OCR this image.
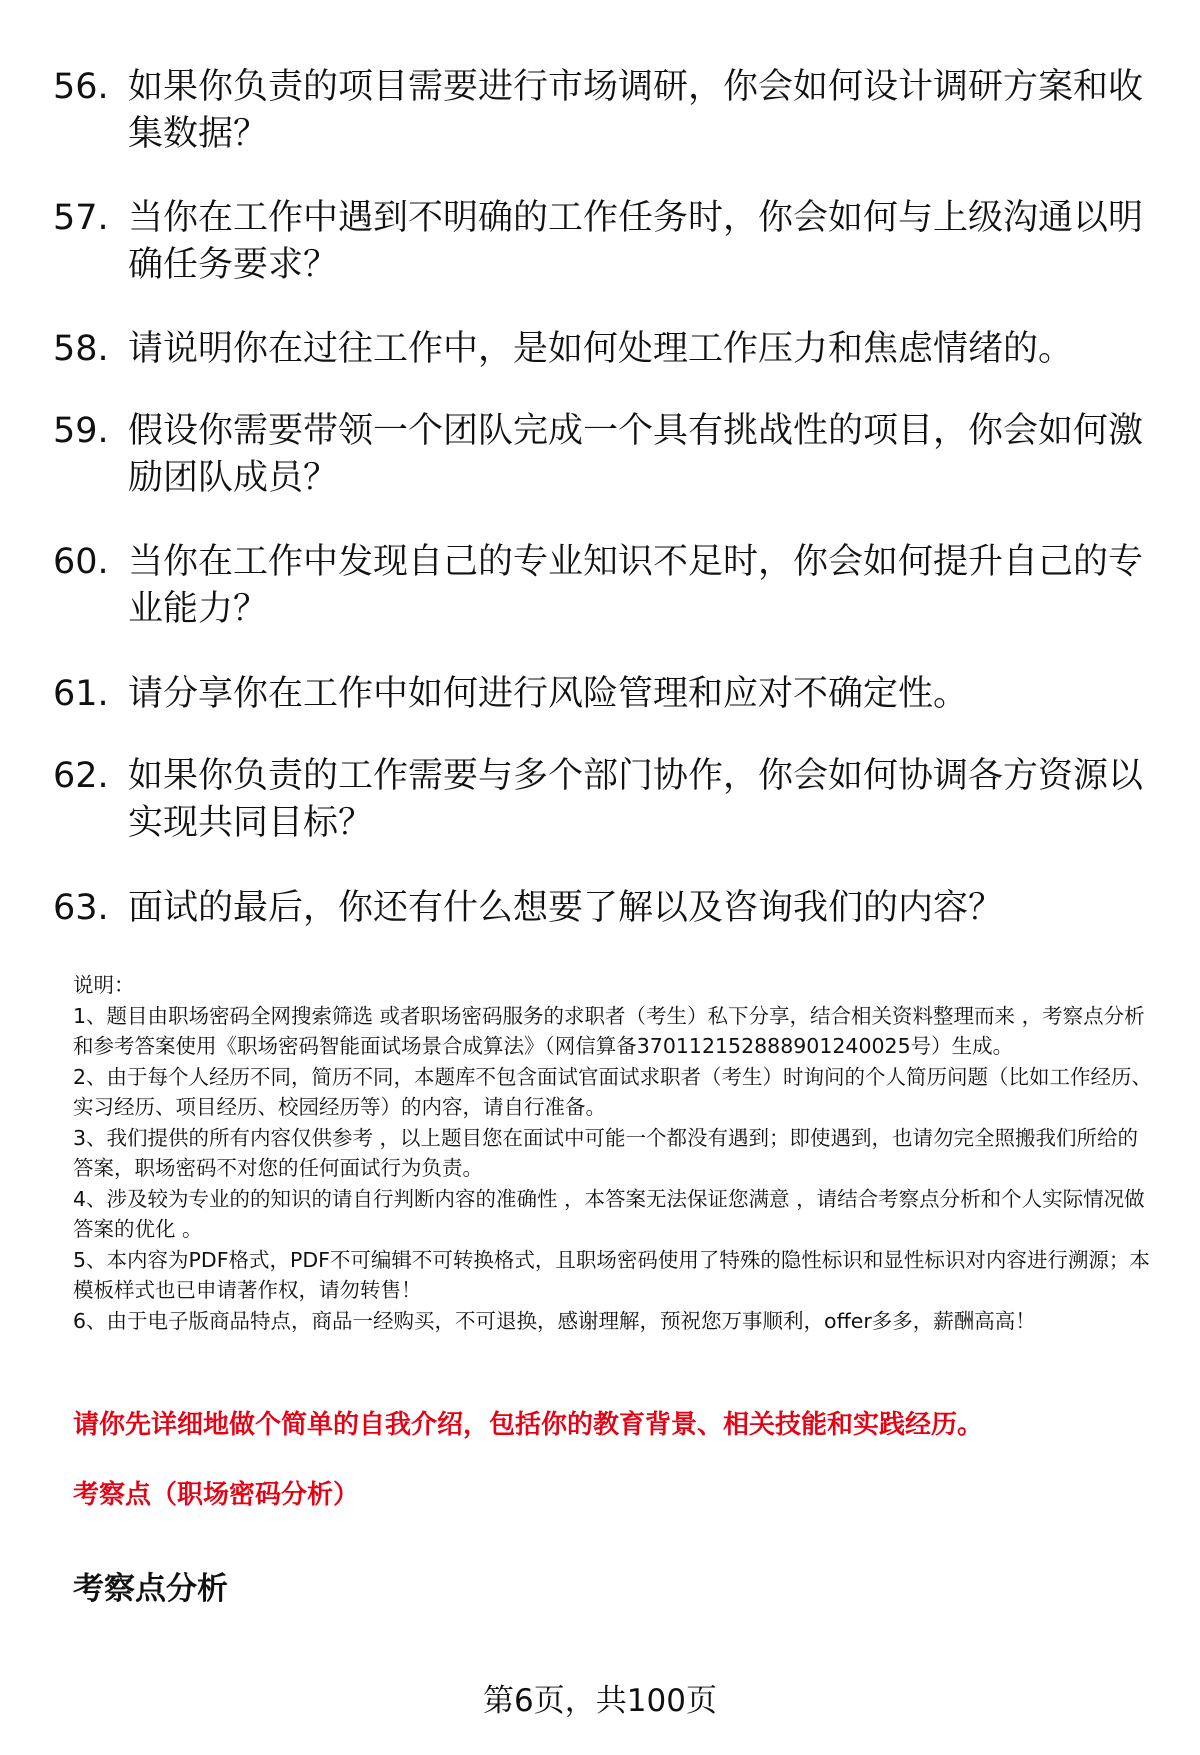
56. 如果你负责的项目需要进行市场调研，你会如何设计调研方案和收集数据？
57. 当你在工作中遇到不明确的工作任务时，你会如何与上级沟通以明确任务要求？
58. 请说明你在过往工作中，是如何处理工作压力和焦虑情绪的。
59. 假设你需要带领一个团队完成一个具有挑战性的项目，你会如何激励团队成员？
60. 当你在工作中发现自己的专业知识不足时，你会如何提升自己的专业能力？
61. 请分享你在工作中如何进行风险管理和应对不确定性。
62. 如果你负责的工作需要与多个部门协作，你会如何协调各方资源以实现共同目标？
63. 面试的最后，你还有什么想要了解以及咨询我们的内容？
说明：
1、题目由职场密码全网搜索筛选 或者职场密码服务的求职者（考生）私下分享，结合相关资料整理而来 ，考察点分析和参考答案使用《职场密码智能面试场景合成算法》（网信算备370112152888901240025号）生成。
2、由于每个人经历不同，简历不同，本题库不包含面试官面试求职者（考生）时询问的个人简历问题（比如工作经历、实习经历、项目经历、校园经历等）的内容，请自行准备。
3、我们提供的所有内容仅供参考 ，以上题目您在面试中可能一个都没有遇到；即使遇到，也请勿完全照搬我们所给的答案，职场密码不对您的任何面试行为负责。
4、涉及较为专业的的知识的请自行判断内容的准确性 ，本答案无法保证您满意 ，请结合考察点分析和个人实际情况做答案的优化 。
5、本内容为PDF格式，PDF不可编辑不可转换格式，且职场密码使用了特殊的隐性标识和显性标识对内容进行溯源；本模板样式也已申请著作权，请勿转售！
6、由于电子版商品特点，商品一经购买，不可退换，感谢理解，预祝您万事顺利，offer多多，薪酬高高！
请你先详细地做个简单的自我介绍，包括你的教育背景、相关技能和实践经历。
考察点（职场密码分析）
考察点分析
第6页，共100页
